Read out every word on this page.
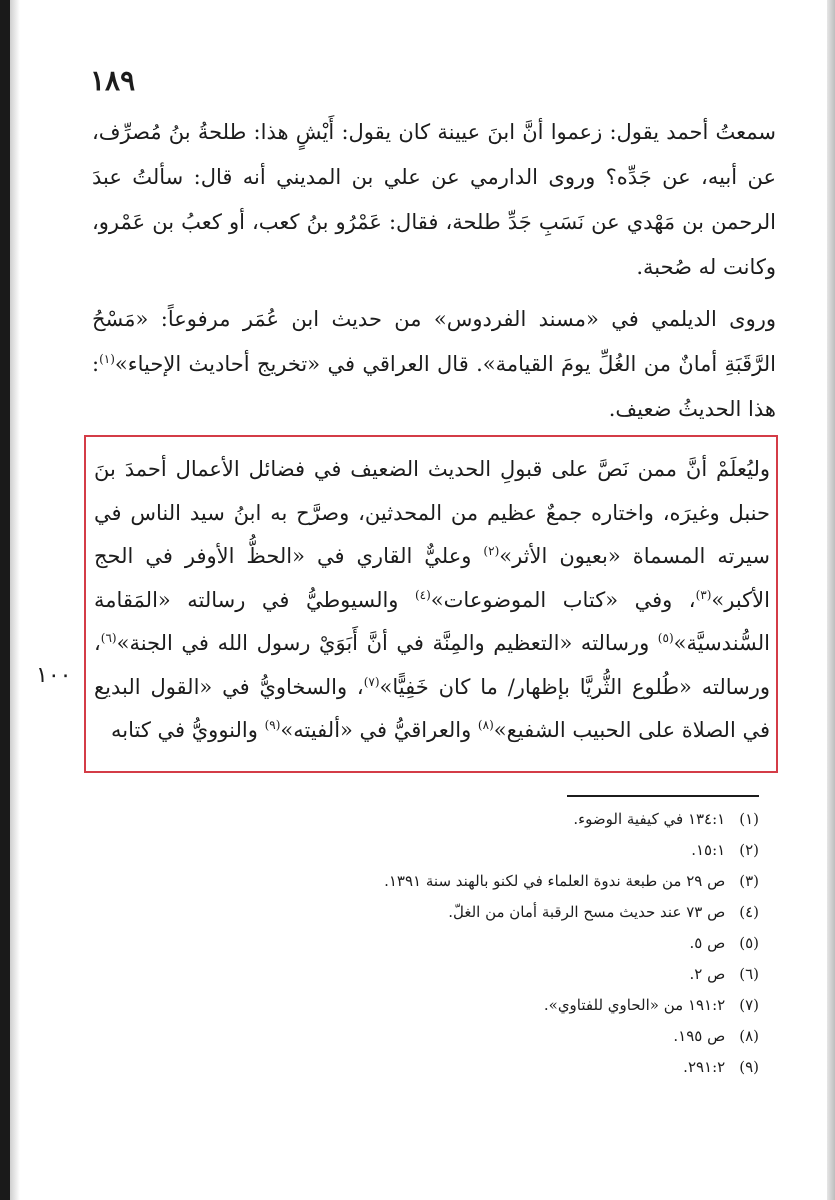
١٨٩
سمعتُ أحمد يقول: زعموا أنَّ ابنَ عيينة كان يقول: أَيْشٍ هذا: طلحةُ بنُ مُصرِّف، عن أبيه، عن جَدِّه؟ وروى الدارمي عن علي بن المديني أنه قال: سألتُ عبدَ الرحمن بن مَهْدي عن نَسَبِ جَدِّ طلحة، فقال: عَمْرُو بنُ كعب، أو كعبُ بن عَمْرو، وكانت له صُحبة.
وروى الديلمي في «مسند الفردوس» من حديث ابن عُمَر مرفوعاً: «مَسْحُ الرَّقَبَةِ أمانٌ من الغُلِّ يومَ القيامة». قال العراقي في «تخريج أحاديث الإحياء»$^{(١)}$: هذا الحديثُ ضعيف.
وليُعلَمْ أنَّ ممن نَصَّ على قبولِ الحديث الضعيف في فضائل الأعمال أحمدَ بنَ حنبل وغيرَه، واختاره جمعٌ عظيم من المحدثين، وصرَّح به ابنُ سيد الناس في سيرته المسماة «بعيون الأثر»$^{(٢)}$ وعليٌّ القاري في «الحظُّ الأوفر في الحج الأكبر»$^{(٣)}$، وفي «كتاب الموضوعات»$^{(٤)}$ والسيوطيُّ في رسالته «المَقامة السُّندسيَّة»$^{(٥)}$ ورسالته «التعظيم والمِنَّة في أنَّ أَبَوَيْ رسول الله في الجنة»$^{(٦)}$، ورسالته «طُلوع الثُّريَّا بإظهار/ ما كان خَفِيًّا»$^{(٧)}$، والسخاويُّ في «القول البديع في الصلاة على الحبيب الشفيع»$^{(٨)}$ والعراقيُّ في «ألفيته»$^{(٩)}$ والنوويُّ في كتابه
١٠٠
(١)١٣٤:١ في كيفية الوضوء.
(٢)١٥:١.
(٣)ص ٢٩ من طبعة ندوة العلماء في لكنو بالهند سنة ١٣٩١.
(٤)ص ٧٣ عند حديث مسح الرقبة أمان من الغلّ.
(٥)ص ٥.
(٦)ص ٢.
(٧)١٩١:٢ من «الحاوي للفتاوي».
(٨)ص ١٩٥.
(٩)٢٩١:٢.
